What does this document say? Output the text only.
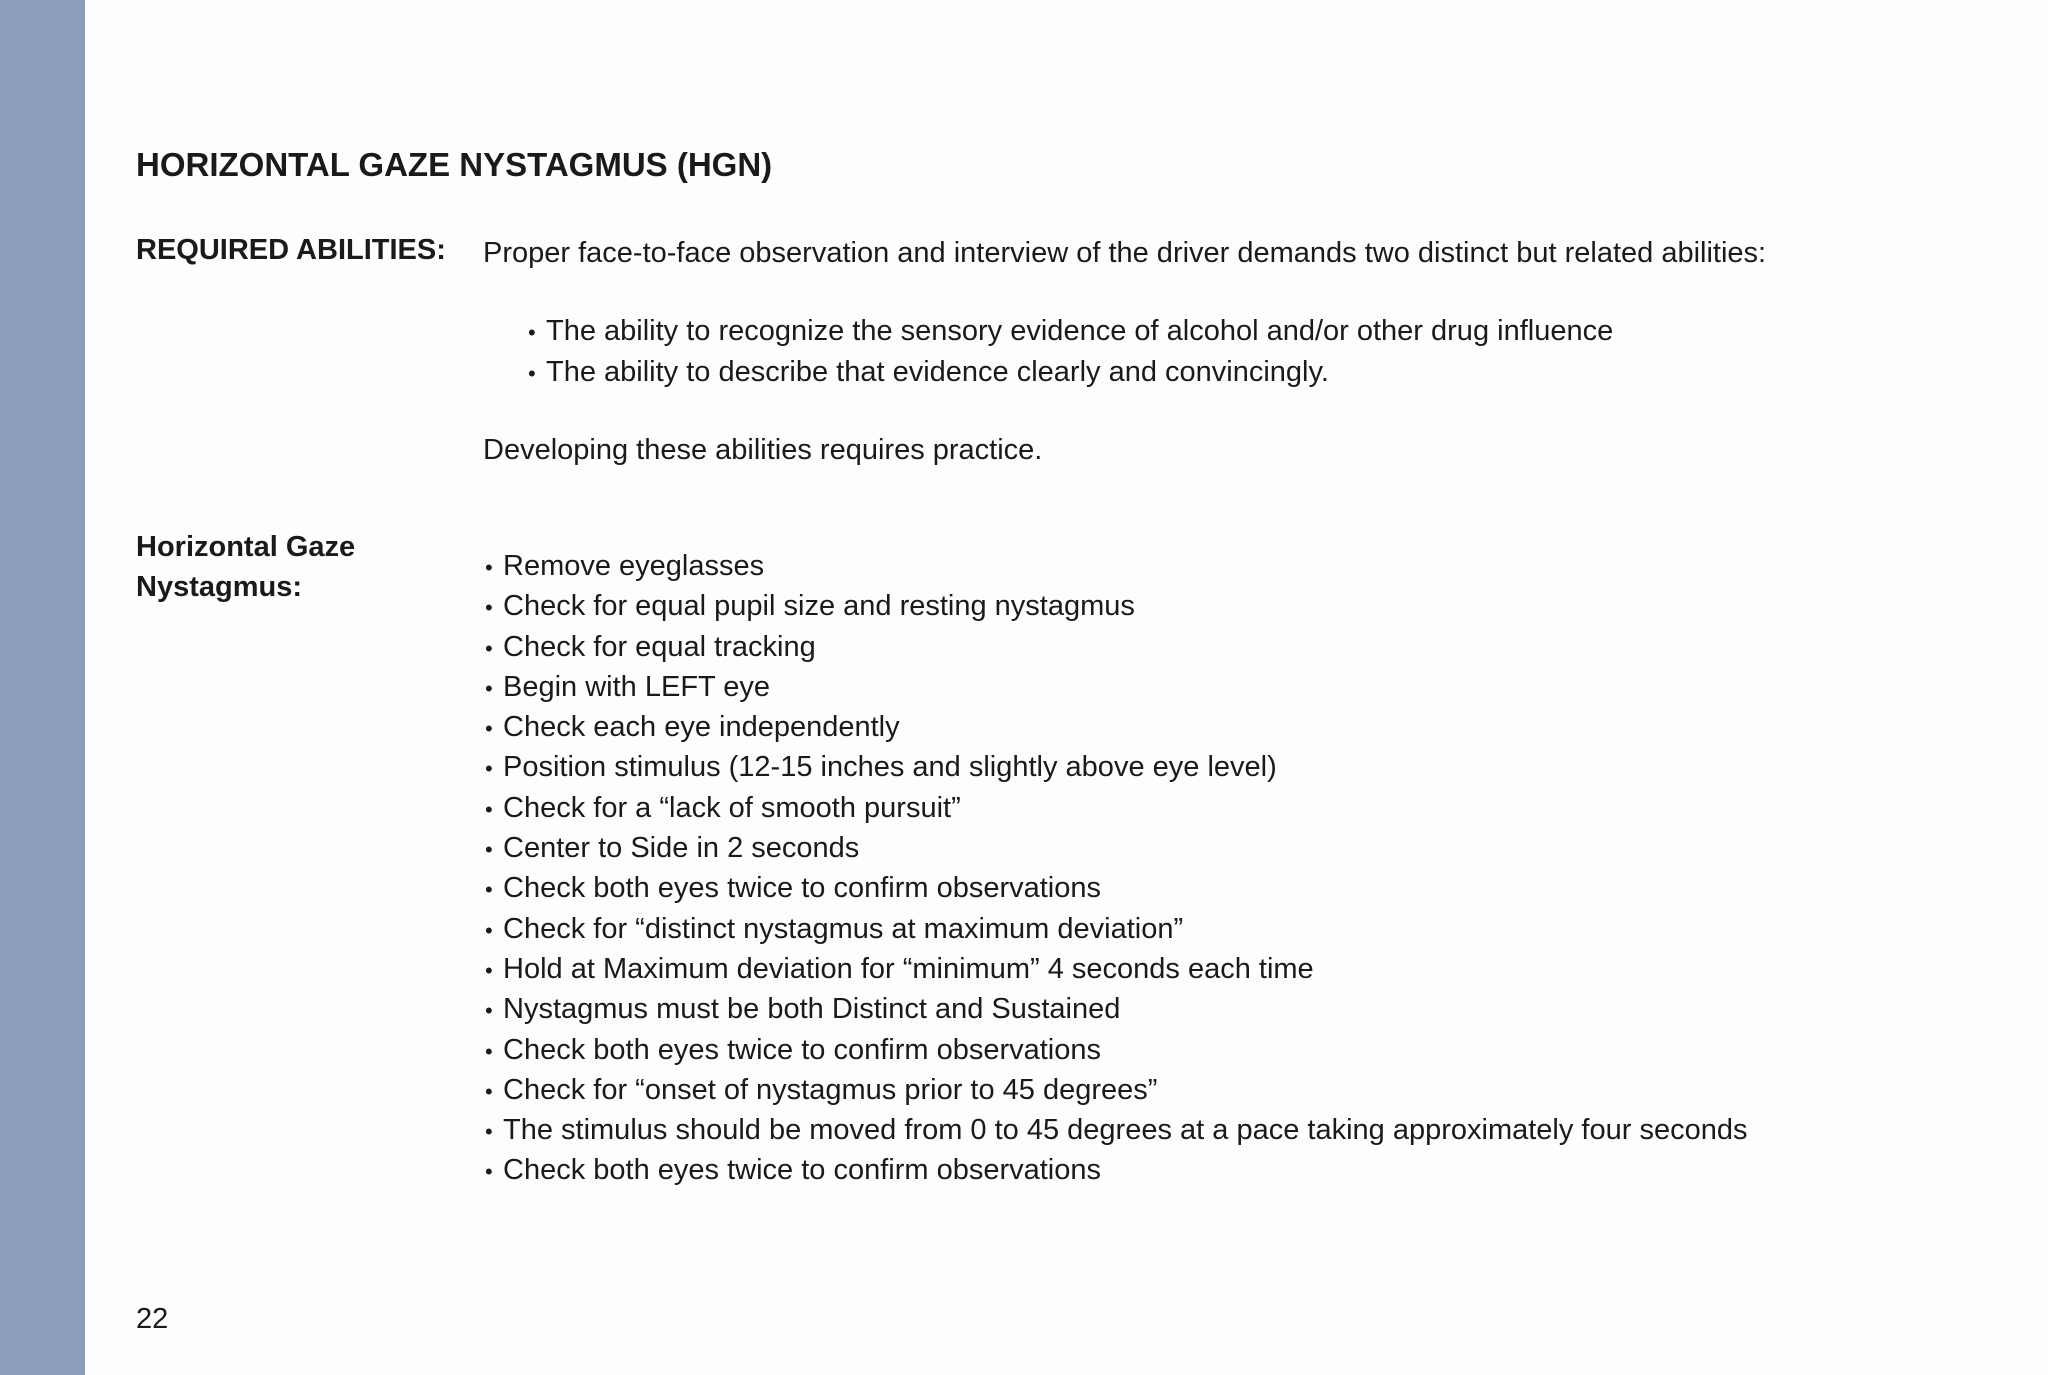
HORIZONTAL GAZE NYSTAGMUS (HGN)
REQUIRED ABILITIES: Proper face-to-face observation and interview of the driver demands two distinct but related abilities:
• The ability to recognize the sensory evidence of alcohol and/or other drug influence
• The ability to describe that evidence clearly and convincingly.
Developing these abilities requires practice.
Horizontal Gaze
Nystagmus:
• Remove eyeglasses
• Check for equal pupil size and resting nystagmus
• Check for equal tracking
• Begin with LEFT eye
• Check each eye independently
• Position stimulus (12-15 inches and slightly above eye level)
• Check for a “lack of smooth pursuit”
• Center to Side in 2 seconds
• Check both eyes twice to confirm observations
• Check for “distinct nystagmus at maximum deviation”
• Hold at Maximum deviation for “minimum” 4 seconds each time
• Nystagmus must be both Distinct and Sustained
• Check both eyes twice to confirm observations
• Check for “onset of nystagmus prior to 45 degrees”
• The stimulus should be moved from 0 to 45 degrees at a pace taking approximately four seconds
• Check both eyes twice to confirm observations
22
